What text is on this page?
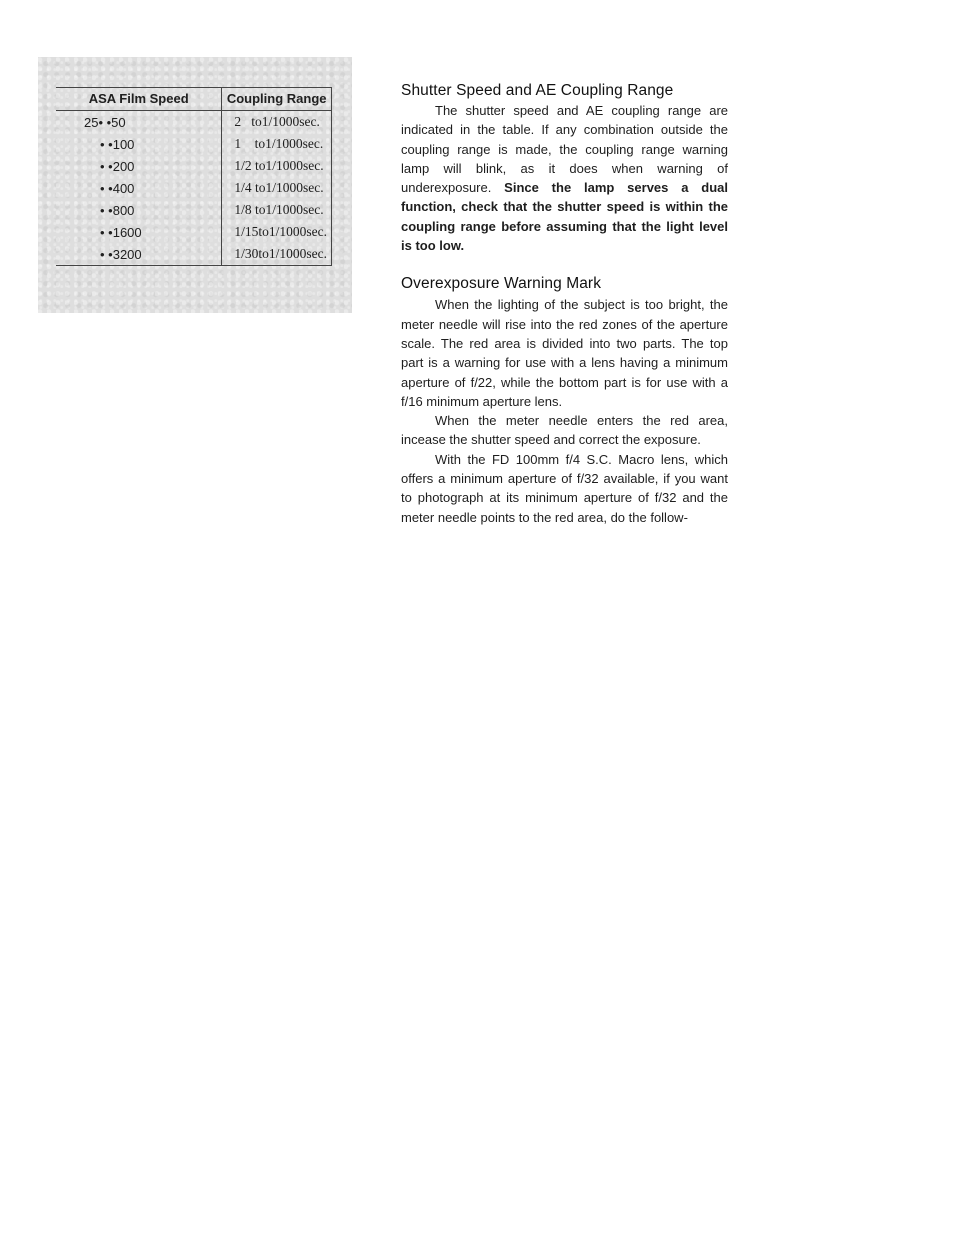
ASA Film Speed	Coupling Range
25• •50	2   to1/1000sec.
• •100	1    to1/1000sec.
• •200	1/2 to1/1000sec.
• •400	1/4 to1/1000sec.
• •800	1/8 to1/1000sec.
• •1600	1/15to1/1000sec.
• •3200	1/30to1/1000sec.
Shutter Speed and AE Coupling Range

The shutter speed and AE coupling range are indicated in the table. If any combination outside the coupling range is made, the coupling range warning lamp will blink, as it does when warning of underexposure. Since the lamp serves a dual function, check that the shutter speed is within the coupling range before assuming that the light level is too low.

Overexposure Warning Mark

When the lighting of the subject is too bright, the meter needle will rise into the red zones of the aperture scale. The red area is divided into two parts. The top part is a warning for use with a lens having a minimum aperture of f/22, while the bottom part is for use with a f/16 minimum aperture lens.

When the meter needle enters the red area, incease the shutter speed and correct the exposure.

With the FD 100mm f/4 S.C. Macro lens, which offers a minimum aperture of f/32 available, if you want to photograph at its minimum aperture of f/32 and the meter needle points to the red area, do the follow-
